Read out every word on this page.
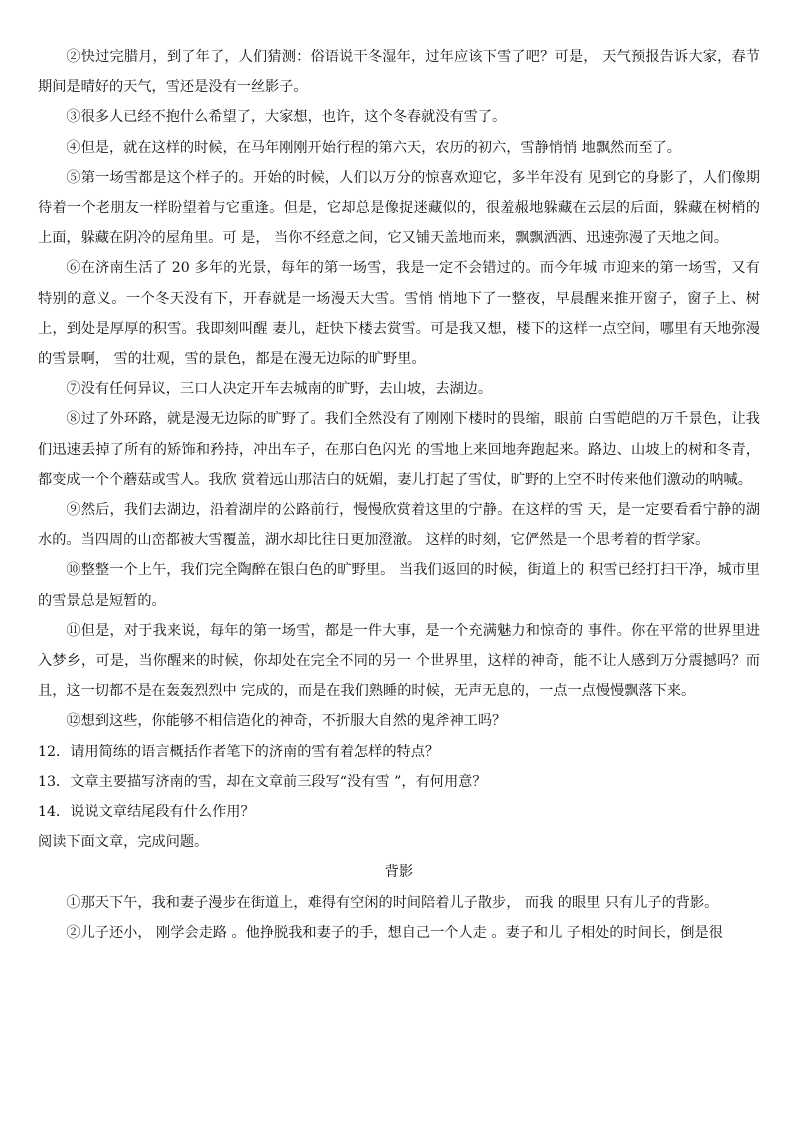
②快过完腊月，到了年了，人们猜测：俗语说干冬湿年，过年应该下雪了吧？可是， 天气预报告诉大家，春节期间是晴好的天气，雪还是没有一丝影子。

③很多人已经不抱什么希望了，大家想，也许，这个冬春就没有雪了。

④但是，就在这样的时候，在马年刚刚开始行程的第六天，农历的初六，雪静悄悄 地飘然而至了。

⑤第一场雪都是这个样子的。开始的时候，人们以万分的惊喜欢迎它，多半年没有 见到它的身影了，人们像期待着一个老朋友一样盼望着与它重逢。但是，它却总是像捉迷藏似的，很羞赧地躲藏在云层的后面，躲藏在树梢的上面，躲藏在阴冷的屋角里。可 是， 当你不经意之间，它又铺天盖地而来，飘飘洒洒、迅速弥漫了天地之间。

⑥在济南生活了 20 多年的光景，每年的第一场雪，我是一定不会错过的。而今年城 市迎来的第一场雪，又有特别的意义。一个冬天没有下，开春就是一场漫天大雪。雪悄 悄地下了一整夜，早晨醒来推开窗子，窗子上、树上，到处是厚厚的积雪。我即刻叫醒 妻儿，赶快下楼去赏雪。可是我又想，楼下的这样一点空间，哪里有天地弥漫的雪景啊， 雪的壮观，雪的景色，都是在漫无边际的旷野里。

⑦没有任何异议，三口人决定开车去城南的旷野，去山坡，去湖边。

⑧过了外环路，就是漫无边际的旷野了。我们全然没有了刚刚下楼时的畏缩，眼前 白雪皑皑的万千景色，让我们迅速丢掉了所有的矫饰和矜持，冲出车子，在那白色闪光 的雪地上来回地奔跑起来。路边、山坡上的树和冬青，都变成一个个蘑菇或雪人。我欣 赏着远山那洁白的妩媚，妻儿打起了雪仗，旷野的上空不时传来他们激动的呐喊。

⑨然后，我们去湖边，沿着湖岸的公路前行，慢慢欣赏着这里的宁静。在这样的雪 天，是一定要看看宁静的湖水的。当四周的山峦都被大雪覆盖，湖水却比往日更加澄澈。 这样的时刻，它俨然是一个思考着的哲学家。

⑩整整一个上午，我们完全陶醉在银白色的旷野里。 当我们返回的时候，街道上的 积雪已经打扫干净，城市里的雪景总是短暂的。

⑪但是，对于我来说，每年的第一场雪，都是一件大事，是一个充满魅力和惊奇的 事件。你在平常的世界里进入梦乡，可是，当你醒来的时候，你却处在完全不同的另一 个世界里，这样的神奇，能不让人感到万分震撼吗？而且，这一切都不是在轰轰烈烈中 完成的，而是在我们熟睡的时候，无声无息的，一点一点慢慢飘落下来。

⑫想到这些，你能够不相信造化的神奇，不折服大自然的鬼斧神工吗？

12．请用简练的语言概括作者笔下的济南的雪有着怎样的特点？

13．文章主要描写济南的雪，却在文章前三段写“没有雪 ”，有何用意？

14．说说文章结尾段有什么作用？

阅读下面文章，完成问题。

背影

①那天下午，我和妻子漫步在街道上，难得有空闲的时间陪着儿子散步， 而我 的眼里 只有儿子的背影。

②儿子还小， 刚学会走路 。他挣脱我和妻子的手，想自己一个人走 。妻子和儿 子相处的时间长，倒是很
